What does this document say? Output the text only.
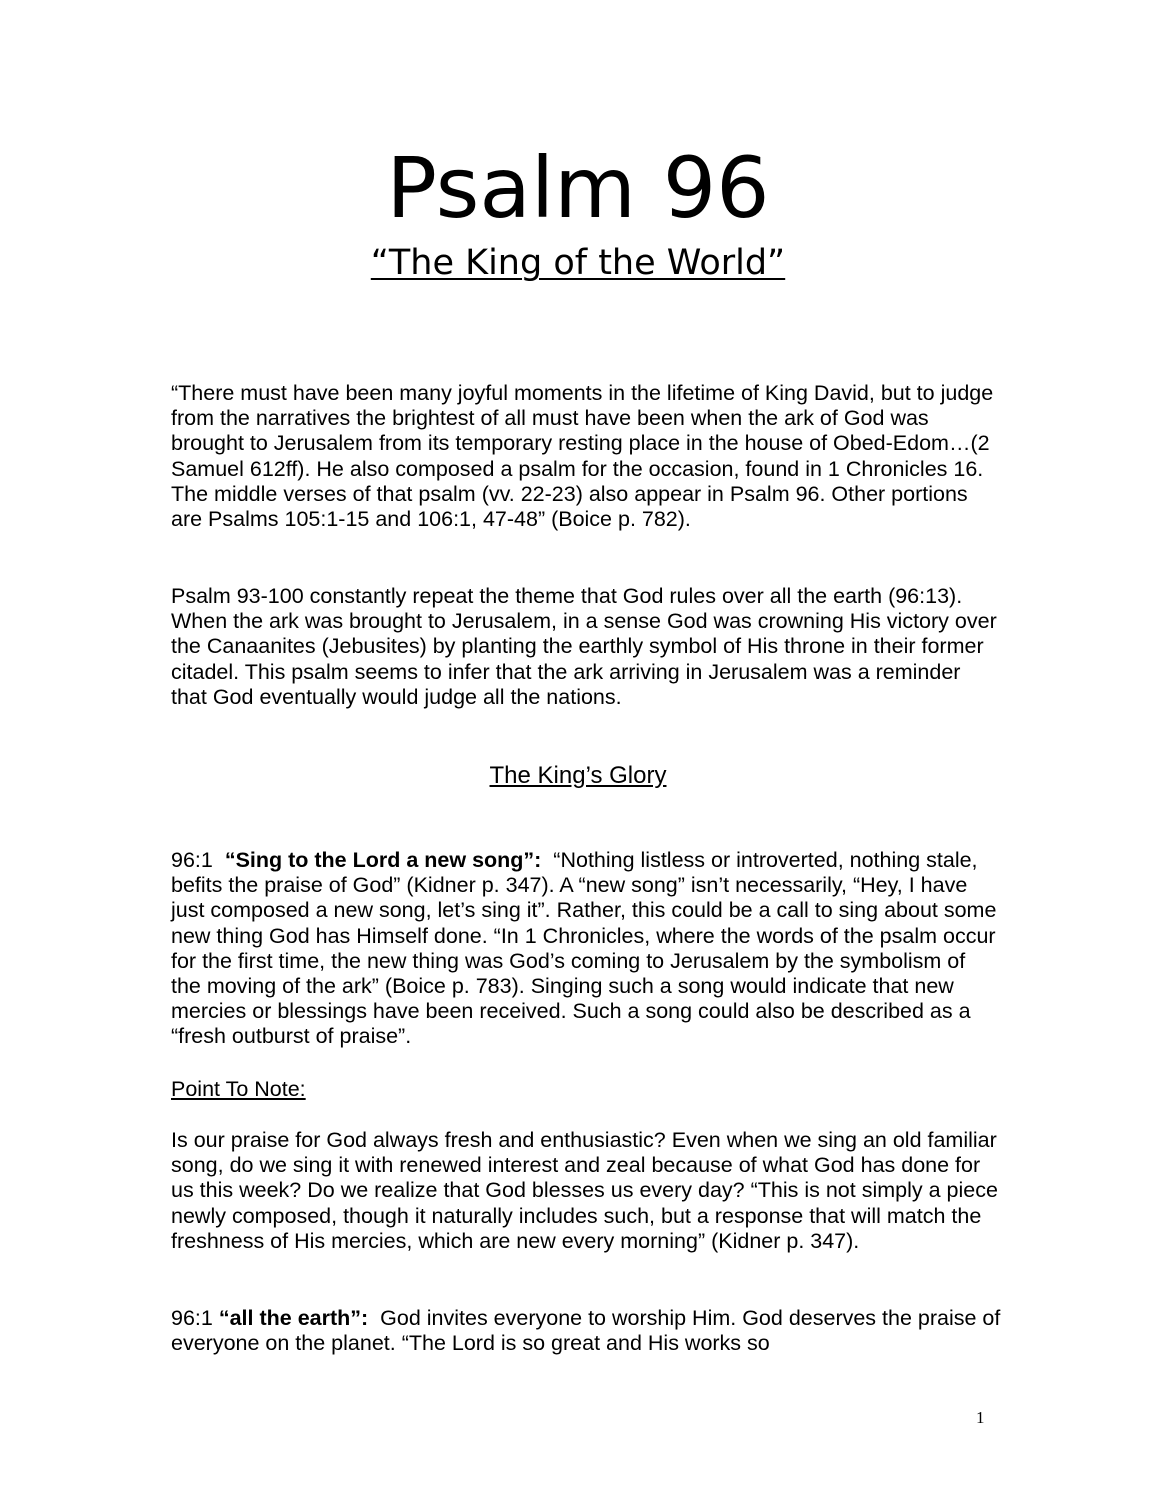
Psalm 96
“The King of the World”

“There must have been many joyful moments in the lifetime of King David, but to judge from the narratives the brightest of all must have been when the ark of God was brought to Jerusalem from its temporary resting place in the house of Obed-Edom…(2 Samuel 612ff). He also composed a psalm for the occasion, found in 1 Chronicles 16. The middle verses of that psalm (vv. 22-23) also appear in Psalm 96. Other portions are Psalms 105:1-15 and 106:1, 47-48” (Boice p. 782).

Psalm 93-100 constantly repeat the theme that God rules over all the earth (96:13). When the ark was brought to Jerusalem, in a sense God was crowning His victory over the Canaanites (Jebusites) by planting the earthly symbol of His throne in their former citadel. This psalm seems to infer that the ark arriving in Jerusalem was a reminder that God eventually would judge all the nations.

The King’s Glory

96:1 “Sing to the Lord a new song”: “Nothing listless or introverted, nothing stale, befits the praise of God” (Kidner p. 347). A “new song” isn’t necessarily, “Hey, I have just composed a new song, let’s sing it”. Rather, this could be a call to sing about some new thing God has Himself done. “In 1 Chronicles, where the words of the psalm occur for the first time, the new thing was God’s coming to Jerusalem by the symbolism of the moving of the ark” (Boice p. 783). Singing such a song would indicate that new mercies or blessings have been received. Such a song could also be described as a “fresh outburst of praise”.

Point To Note:

Is our praise for God always fresh and enthusiastic? Even when we sing an old familiar song, do we sing it with renewed interest and zeal because of what God has done for us this week? Do we realize that God blesses us every day? “This is not simply a piece newly composed, though it naturally includes such, but a response that will match the freshness of His mercies, which are new every morning” (Kidner p. 347).

96:1 “all the earth”: God invites everyone to worship Him. God deserves the praise of everyone on the planet. “The Lord is so great and His works so

1
